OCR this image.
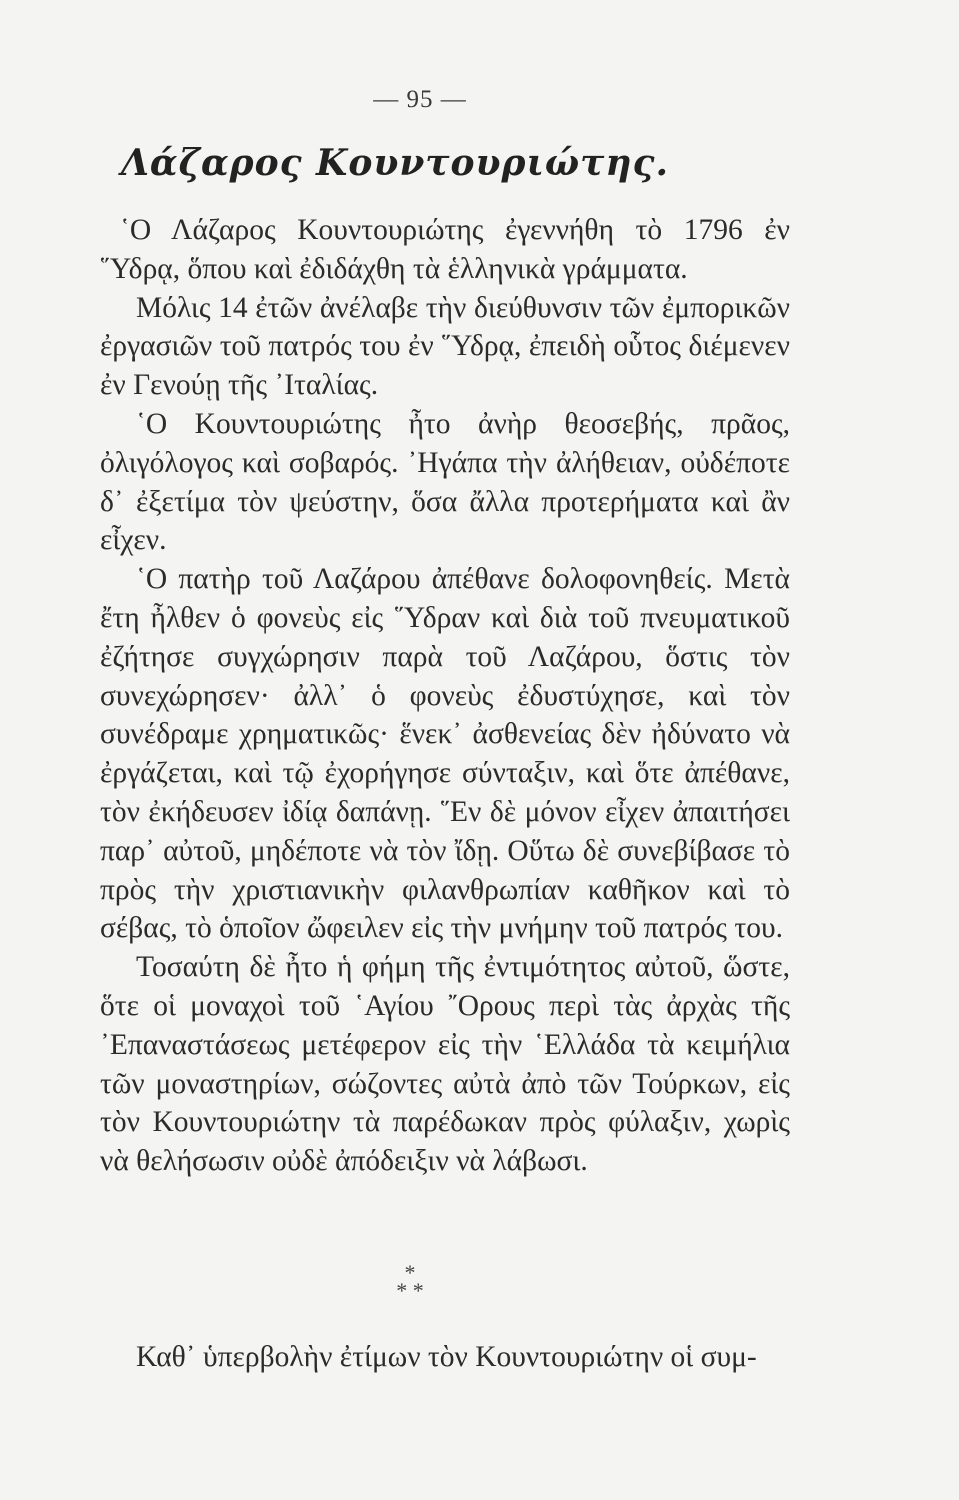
— 95 —
Λάζαρος Κουντουριώτης.

῾Ο Λάζαρος Κουντουριώτης ἐγεννήθη τὸ 1796 ἐν ῞Υδρᾳ, ὅπου καὶ ἐδιδάχθη τὰ ἑλληνικὰ γράμματα.

Μόλις 14 ἐτῶν ἀνέλαβε τὴν διεύθυνσιν τῶν ἐμπορικῶν ἐργασιῶν τοῦ πατρός του ἐν ῞Υδρᾳ, ἐπειδὴ οὗτος διέμενεν ἐν Γενούῃ τῆς ᾽Ιταλίας.

῾Ο Κουντουριώτης ἦτο ἀνὴρ θεοσεβής, πρᾶος, ὀλιγόλογος καὶ σοβαρός. ᾽Ηγάπα τὴν ἀλήθειαν, οὐδέποτε δ᾽ ἐξετίμα τὸν ψεύστην, ὅσα ἄλλα προτερήματα καὶ ἂν εἶχεν.

῾Ο πατὴρ τοῦ Λαζάρου ἀπέθανε δολοφονηθείς. Μετὰ ἔτη ἦλθεν ὁ φονεὺς εἰς ῞Υδραν καὶ διὰ τοῦ πνευματικοῦ ἐζήτησε συγχώρησιν παρὰ τοῦ Λαζάρου, ὅστις τὸν συνεχώρησεν· ἀλλ᾽ ὁ φονεὺς ἐδυστύχησε, καὶ τὸν συνέδραμε χρηματικῶς· ἕνεκ᾽ ἀσθενείας δὲν ἠδύνατο νὰ ἐργάζεται, καὶ τῷ ἐχορήγησε σύνταξιν, καὶ ὅτε ἀπέθανε, τὸν ἐκήδευσεν ἰδίᾳ δαπάνῃ. ῞Εν δὲ μόνον εἶχεν ἀπαιτήσει παρ᾽ αὐτοῦ, μηδέποτε νὰ τὸν ἴδῃ. Οὕτω δὲ συνεβίβασε τὸ πρὸς τὴν χριστιανικὴν φιλανθρωπίαν καθῆκον καὶ τὸ σέβας, τὸ ὁποῖον ὤφειλεν εἰς τὴν μνήμην τοῦ πατρός του.

Τοσαύτη δὲ ἦτο ἡ φήμη τῆς ἐντιμότητος αὐτοῦ, ὥστε, ὅτε οἱ μοναχοὶ τοῦ ῾Αγίου ῎Ορους περὶ τὰς ἀρχὰς τῆς ᾽Επαναστάσεως μετέφερον εἰς τὴν ῾Ελλάδα τὰ κειμήλια τῶν μοναστηρίων, σώζοντες αὐτὰ ἀπὸ τῶν Τούρκων, εἰς τὸν Κουντουριώτην τὰ παρέδωκαν πρὸς φύλαξιν, χωρὶς νὰ θελήσωσιν οὐδὲ ἀπόδειξιν νὰ λάβωσι.

*
* *

Καθ᾽ ὑπερβολὴν ἐτίμων τὸν Κουντουριώτην οἱ συμ-
